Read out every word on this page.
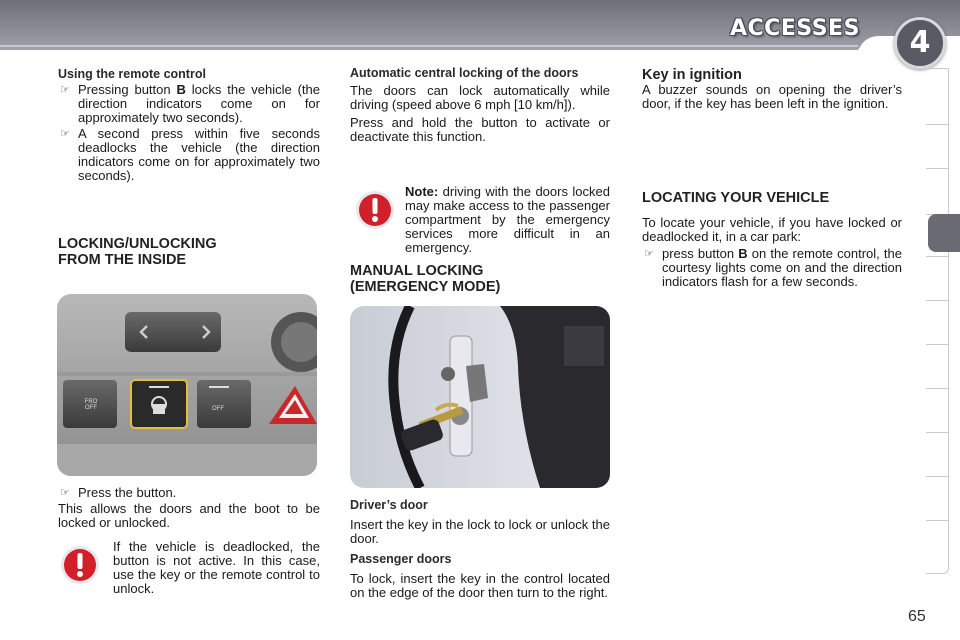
ACCESSES	4
Using the remote control
☞ Pressing button B locks the vehicle (the direction indicators come on for approximately two seconds).
☞ A second press within five seconds deadlocks the vehicle (the direction indicators come on for approximately two seconds).
LOCKING/UNLOCKING
FROM THE INSIDE
FRO OFF	OFF
☞ Press the button.

This allows the doors and the boot to be locked or unlocked.

If the vehicle is deadlocked, the button is not active. In this case, use the key or the remote control to unlock.

Automatic central locking of the doors

The doors can lock automatically while driving (speed above 6 mph [10 km/h]).

Press and hold the button to activate or deactivate this function.

Note: driving with the doors locked may make access to the passenger compartment by the emergency services more difficult in an emergency.

MANUAL LOCKING
(EMERGENCY MODE)
Driver’s door

Insert the key in the lock to lock or unlock the door.

Passenger doors

To lock, insert the key in the control located on the edge of the door then turn to the right.

Key in ignition

A buzzer sounds on opening the driver’s door, if the key has been left in the ignition.

LOCATING YOUR VEHICLE

To locate your vehicle, if you have locked or deadlocked it, in a car park:

☞ press button B on the remote control, the courtesy lights come on and the direction indicators flash for a few seconds.
65
